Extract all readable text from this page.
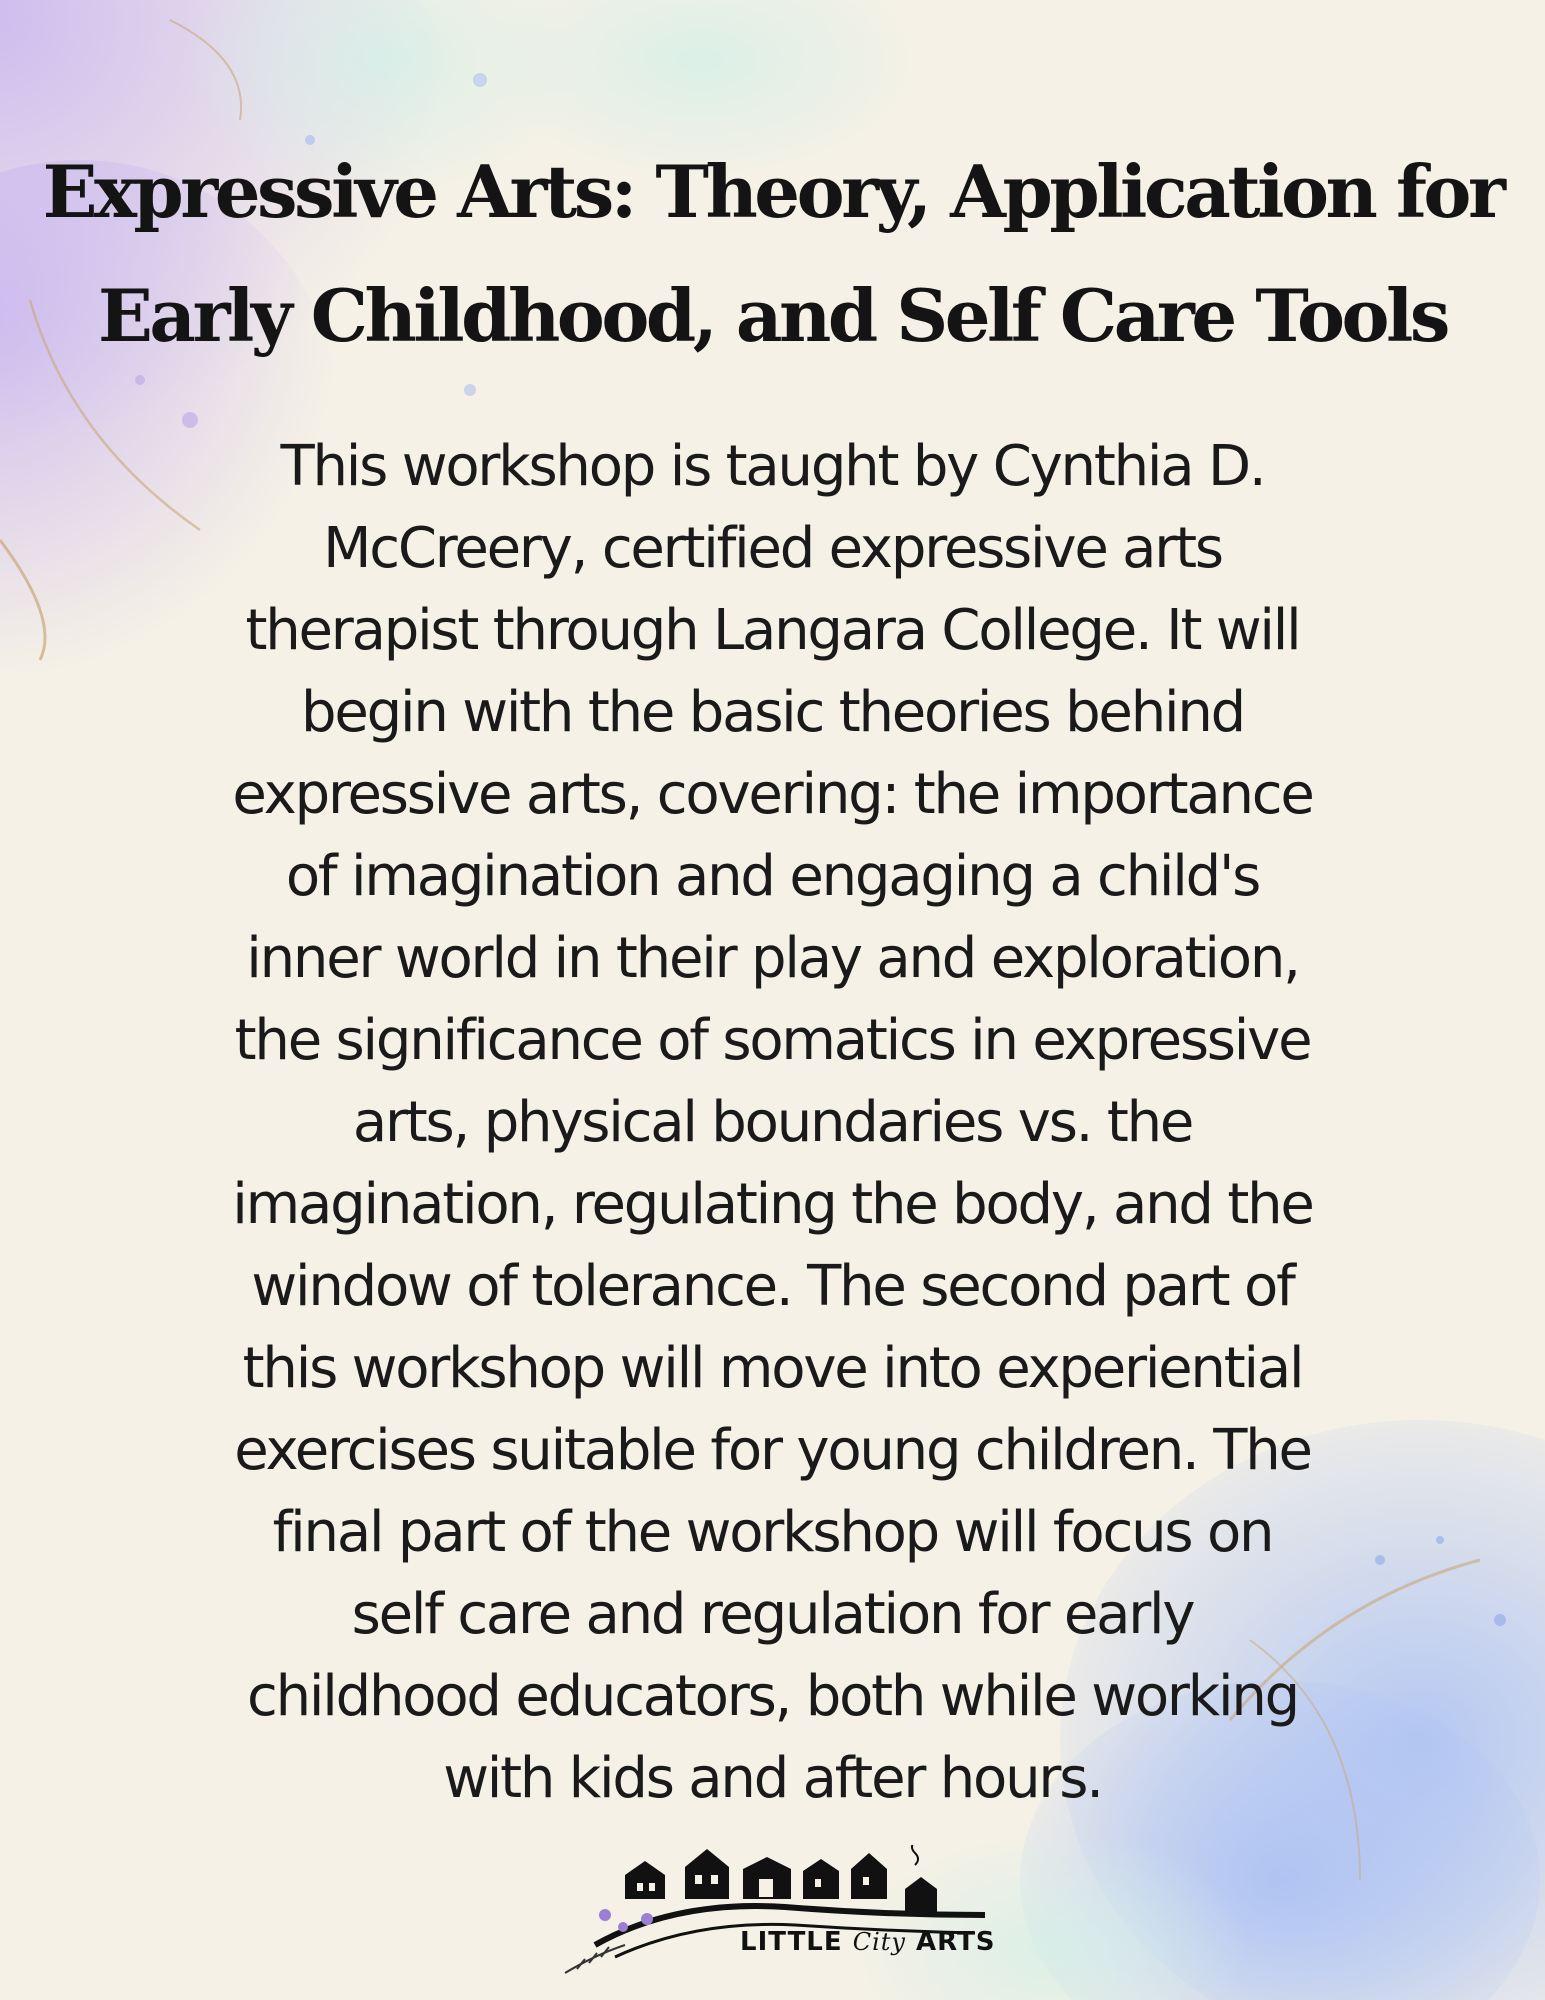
Expressive Arts: Theory, Application for
Early Childhood, and Self Care Tools
This workshop is taught by Cynthia D.
McCreery, certified expressive arts
therapist through Langara College. It will
begin with the basic theories behind
expressive arts, covering: the importance
of imagination and engaging a child's
inner world in their play and exploration,
the significance of somatics in expressive
arts, physical boundaries vs. the
imagination, regulating the body, and the
window of tolerance. The second part of
this workshop will move into experiential
exercises suitable for young children. The
final part of the workshop will focus on
self care and regulation for early
childhood educators, both while working
with kids and after hours.
LITTLE City ARTS
